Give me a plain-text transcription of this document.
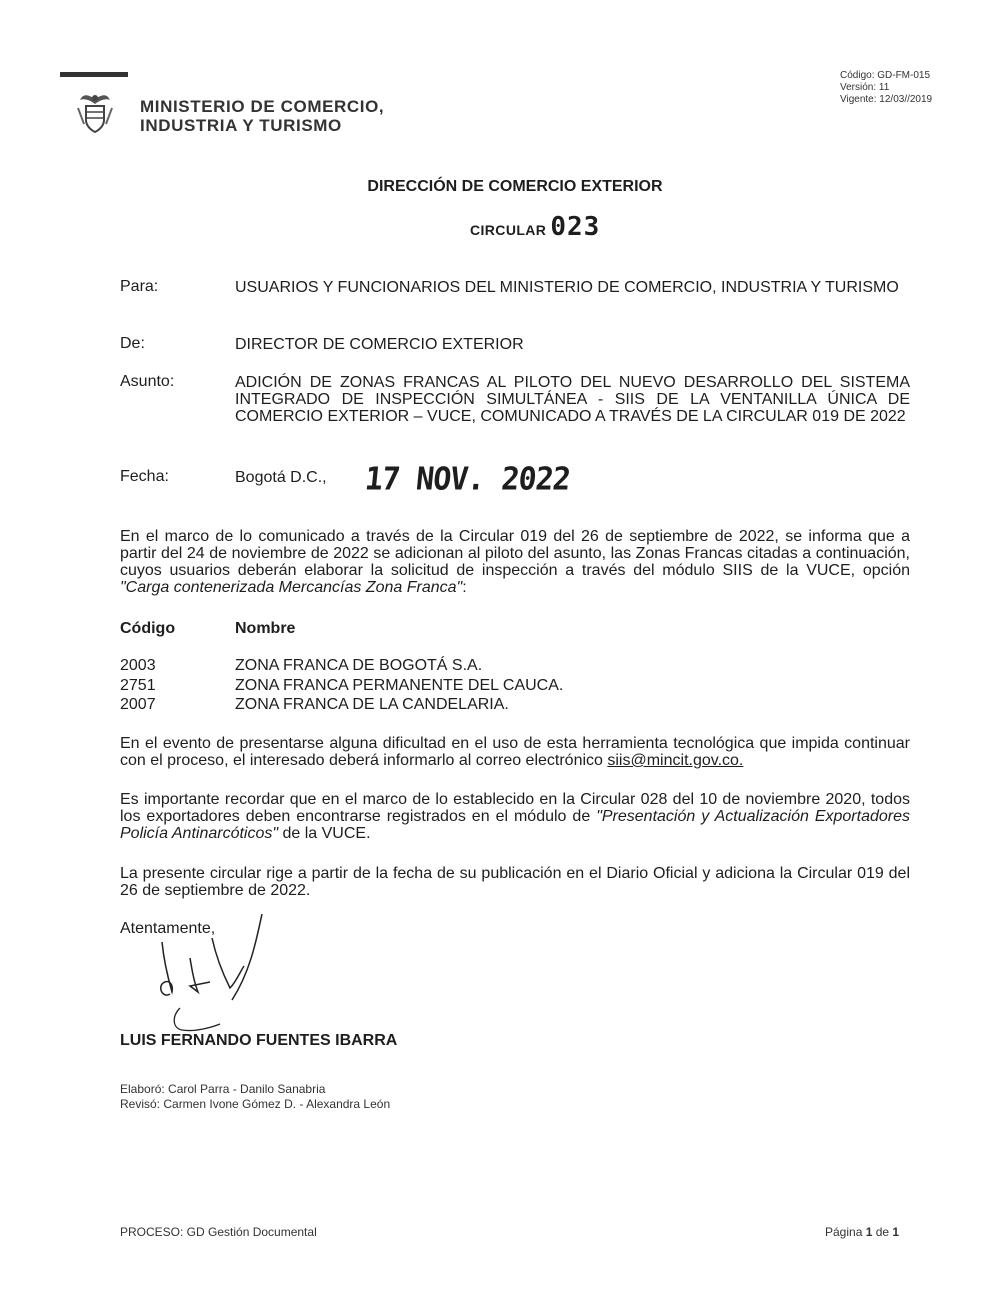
MINISTERIO DE COMERCIO,
INDUSTRIA Y TURISMO
Código: GD-FM-015
Versión: 11
Vigente: 12/03//2019
DIRECCIÓN DE COMERCIO EXTERIOR
CIRCULAR 023
Para:	USUARIOS Y FUNCIONARIOS DEL MINISTERIO DE COMERCIO, INDUSTRIA Y TURISMO
De:	DIRECTOR DE COMERCIO EXTERIOR
Asunto:	ADICIÓN DE ZONAS FRANCAS AL PILOTO DEL NUEVO DESARROLLO DEL SISTEMA INTEGRADO DE INSPECCIÓN SIMULTÁNEA - SIIS DE LA VENTANILLA ÚNICA DE COMERCIO EXTERIOR – VUCE, COMUNICADO A TRAVÉS DE LA CIRCULAR 019 DE 2022
Fecha:	Bogotá D.C., 17 NOV. 2022
En el marco de lo comunicado a través de la Circular 019 del 26 de septiembre de 2022, se informa que a partir del 24 de noviembre de 2022 se adicionan al piloto del asunto, las Zonas Francas citadas a continuación, cuyos usuarios deberán elaborar la solicitud de inspección a través del módulo SIIS de la VUCE, opción "Carga contenerizada Mercancías Zona Franca":
Código	Nombre
2003	ZONA FRANCA DE BOGOTÁ S.A.
2751	ZONA FRANCA PERMANENTE DEL CAUCA.
2007	ZONA FRANCA DE LA CANDELARIA.
En el evento de presentarse alguna dificultad en el uso de esta herramienta tecnológica que impida continuar con el proceso, el interesado deberá informarlo al correo electrónico siis@mincit.gov.co.
Es importante recordar que en el marco de lo establecido en la Circular 028 del 10 de noviembre 2020, todos los exportadores deben encontrarse registrados en el módulo de "Presentación y Actualización Exportadores Policía Antinarcóticos" de la VUCE.
La presente circular rige a partir de la fecha de su publicación en el Diario Oficial y adiciona la Circular 019 del 26 de septiembre de 2022.
Atentamente,
LUIS FERNANDO FUENTES IBARRA
Elaboró: Carol Parra - Danilo Sanabria
Revisó: Carmen Ivone Gómez D. - Alexandra León
PROCESO: GD Gestión Documental	Página 1 de 1
